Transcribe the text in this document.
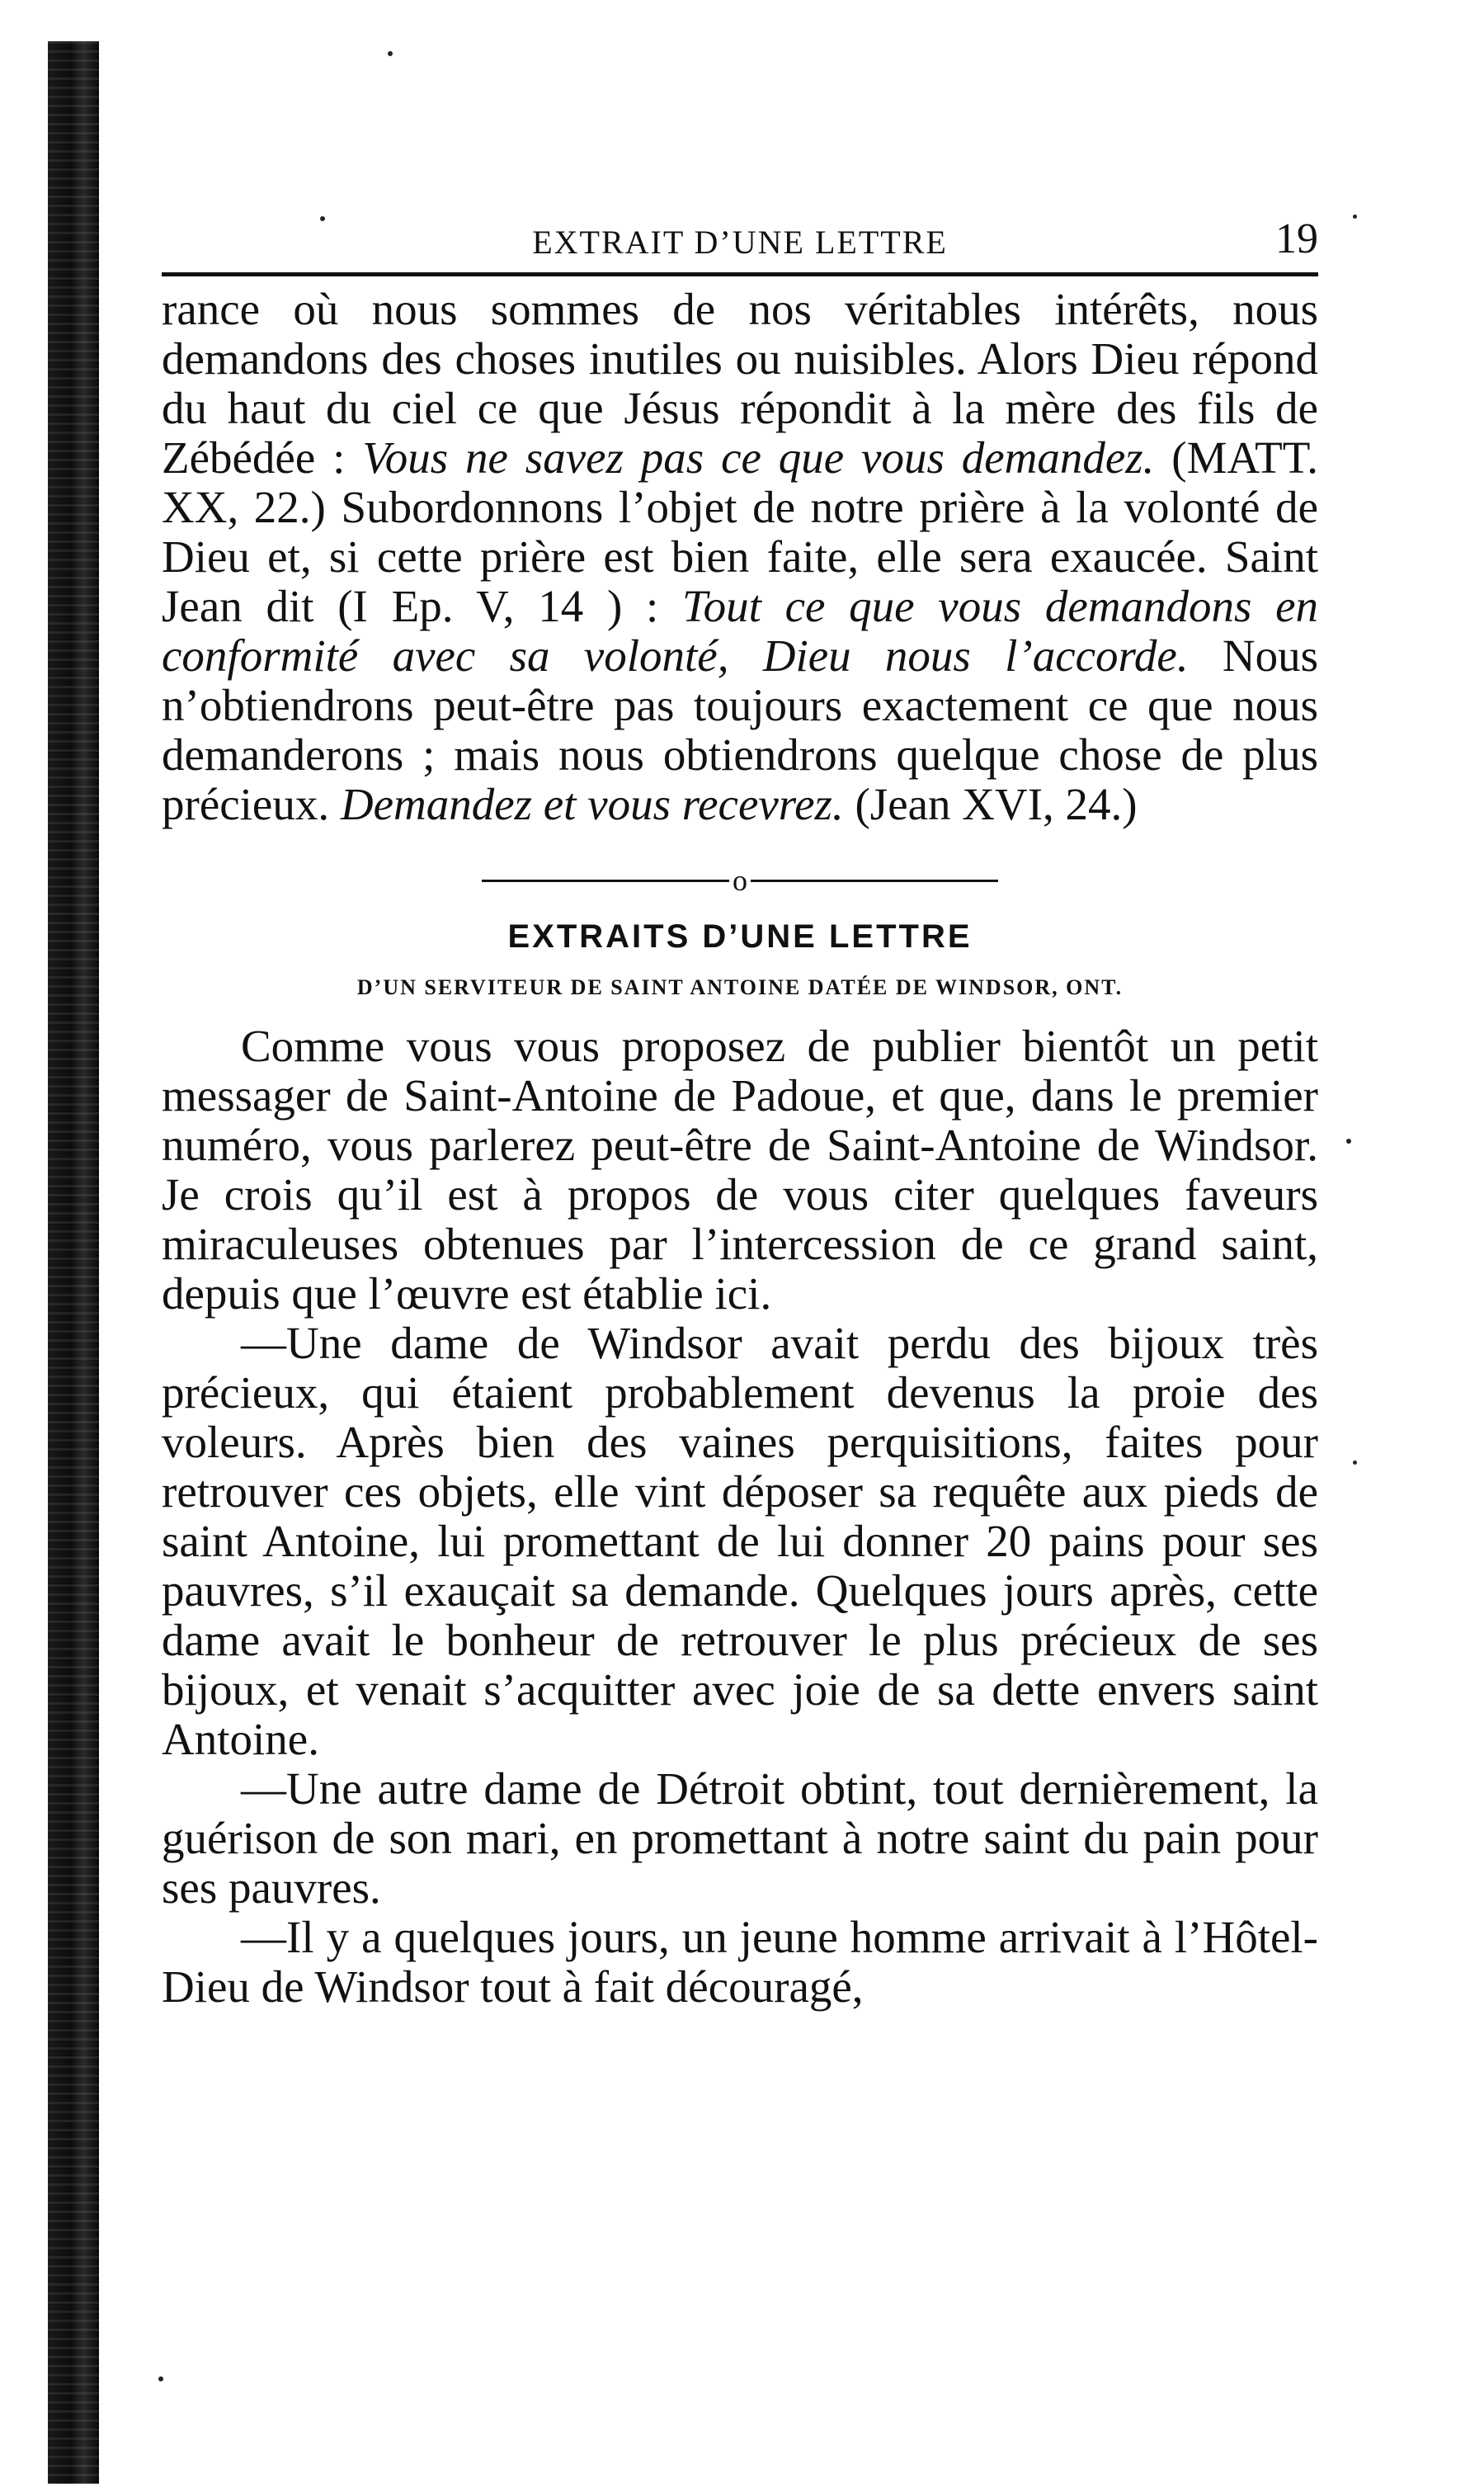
EXTRAIT D’UNE LETTRE	19

rance où nous sommes de nos véritables intérêts, nous demandons des choses inutiles ou nuisibles. Alors Dieu répond du haut du ciel ce que Jésus répondit à la mère des fils de Zébédée : Vous ne savez pas ce que vous demandez. (MATT. XX, 22.) Subordonnons l’objet de notre prière à la volonté de Dieu et, si cette prière est bien faite, elle sera exaucée. Saint Jean dit (I Ep. V, 14 ) : Tout ce que vous demandons en conformité avec sa volonté, Dieu nous l’accorde. Nous n’obtiendrons peut-être pas toujours exactement ce que nous demanderons ; mais nous obtiendrons quelque chose de plus précieux. Demandez et vous recevrez. (Jean XVI, 24.)

o
EXTRAITS D’UNE LETTRE
D’UN SERVITEUR DE SAINT ANTOINE DATÉE DE WINDSOR, ONT.

Comme vous vous proposez de publier bientôt un petit messager de Saint-Antoine de Padoue, et que, dans le premier numéro, vous parlerez peut-être de Saint-Antoine de Windsor. Je crois qu’il est à propos de vous citer quelques faveurs miraculeuses obtenues par l’intercession de ce grand saint, depuis que l’œuvre est établie ici.

—Une dame de Windsor avait perdu des bijoux très précieux, qui étaient probablement devenus la proie des voleurs. Après bien des vaines perquisitions, faites pour retrouver ces objets, elle vint déposer sa requête aux pieds de saint Antoine, lui promettant de lui donner 20 pains pour ses pauvres, s’il exauçait sa demande. Quelques jours après, cette dame avait le bonheur de retrouver le plus précieux de ses bijoux, et venait s’acquitter avec joie de sa dette envers saint Antoine.

—Une autre dame de Détroit obtint, tout dernièrement, la guérison de son mari, en promettant à notre saint du pain pour ses pauvres.

—Il y a quelques jours, un jeune homme arrivait à l’Hôtel-Dieu de Windsor tout à fait découragé,
